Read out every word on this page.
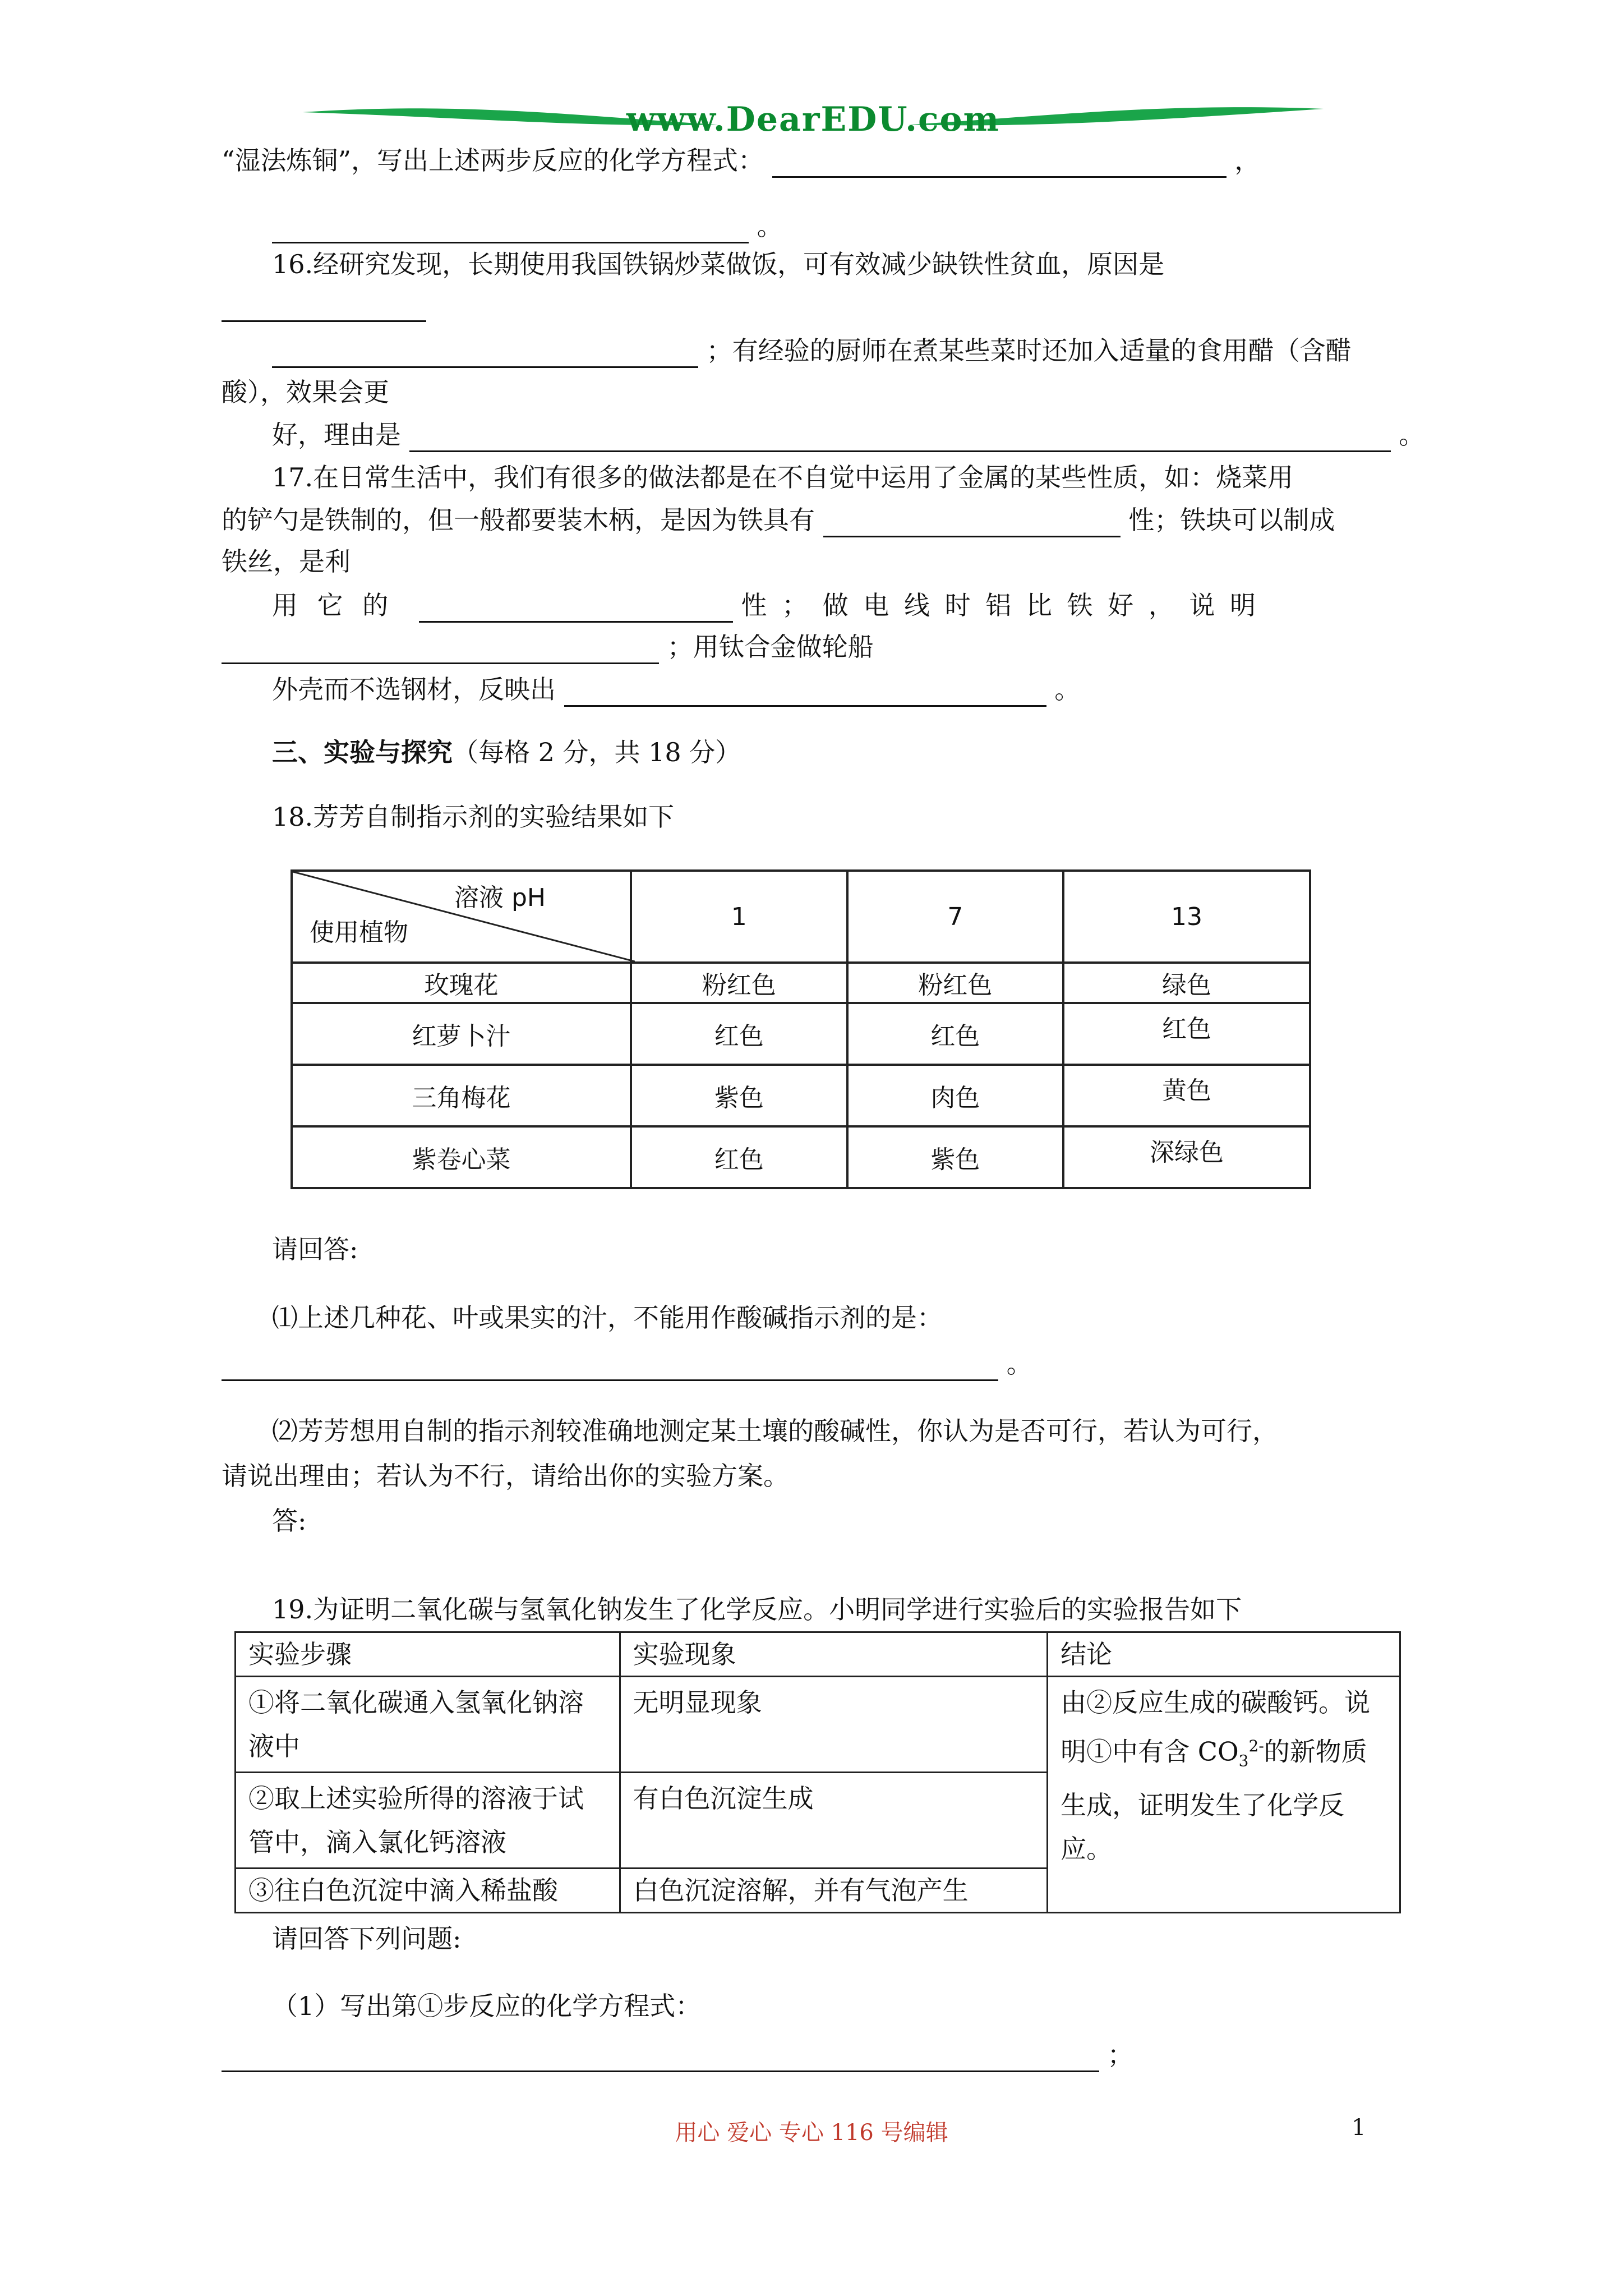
www.DearEDU.com
“湿法炼铜”，写出上述两步反应的化学方程式：	，
。
16.经研究发现，长期使用我国铁锅炒菜做饭，可有效减少缺铁性贫血，原因是
；有经验的厨师在煮某些菜时还加入适量的食用醋（含醋
酸），效果会更
好，理由是	。
17.在日常生活中，我们有很多的做法都是在不自觉中运用了金属的某些性质，如：烧菜用
的铲勺是铁制的，但一般都要装木柄，是因为铁具有	性；铁块可以制成
铁丝，是利
用 它 的	性 ； 做 电 线 时 铝 比 铁 好 ， 说 明
；用钛合金做轮船
外壳而不选钢材，反映出	。
三、实验与探究（每格 2 分，共 18 分）
18.芳芳自制指示剂的实验结果如下
溶液 pH
使用植物	1	7	13
玫瑰花	粉红色	粉红色	绿色
红萝卜汁	红色	红色	红色
三角梅花	紫色	肉色	黄色
紫卷心菜	红色	紫色	深绿色
请回答:
⑴上述几种花、叶或果实的汁，不能用作酸碱指示剂的是：
。
⑵芳芳想用自制的指示剂较准确地测定某土壤的酸碱性，你认为是否可行，若认为可行，
请说出理由；若认为不行，请给出你的实验方案。
答:
19.为证明二氧化碳与氢氧化钠发生了化学反应。小明同学进行实验后的实验报告如下
实验步骤	实验现象	结论
①将二氧化碳通入氢氧化钠溶液中	无明显现象	由②反应生成的碳酸钙。说明①中有含 $CO_3^{2-}$的新物质生成，证明发生了化学反应。
②取上述实验所得的溶液于试管中，滴入氯化钙溶液	有白色沉淀生成	
③往白色沉淀中滴入稀盐酸	白色沉淀溶解，并有气泡产生	
请回答下列问题:
（1）写出第①步反应的化学方程式：
；
用心 爱心 专心 116 号编辑	1
